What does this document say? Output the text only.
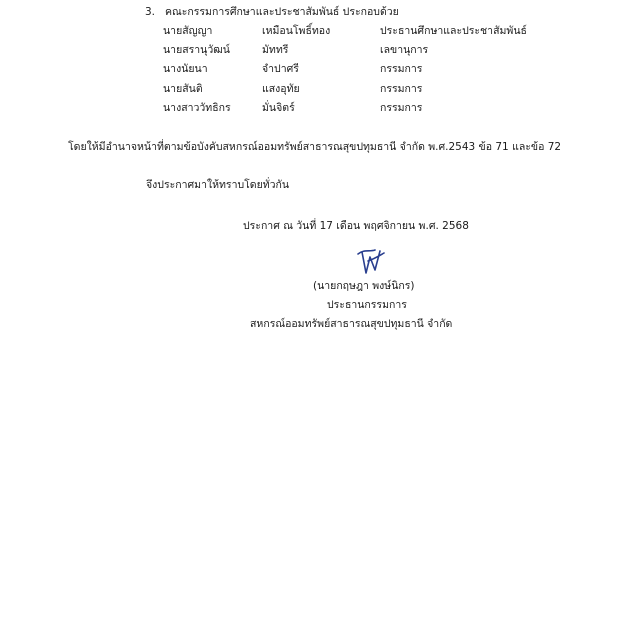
3. คณะกรรมการศึกษาและประชาสัมพันธ์ ประกอบด้วย
นายสัญญา	เหมือนโพธิ์ทอง	ประธานศึกษาและประชาสัมพันธ์
นายสรานุวัฒน์	มัททรี	เลขานุการ
นางนัยนา	จำปาศรี	กรรมการ
นายสันติ	แสงอุทัย	กรรมการ
นางสาววัทธิกร	มั่นจิตร์	กรรมการ
โดยให้มีอำนาจหน้าที่ตามข้อบังคับสหกรณ์ออมทรัพย์สาธารณสุขปทุมธานี จำกัด พ.ศ.2543 ข้อ 71 และข้อ 72
จึงประกาศมาให้ทราบโดยทั่วกัน
ประกาศ ณ วันที่ 17 เดือน พฤศจิกายน พ.ศ. 2568
(นายกฤษฎา พงษ์นิกร)
ประธานกรรมการ
สหกรณ์ออมทรัพย์สาธารณสุขปทุมธานี จำกัด
